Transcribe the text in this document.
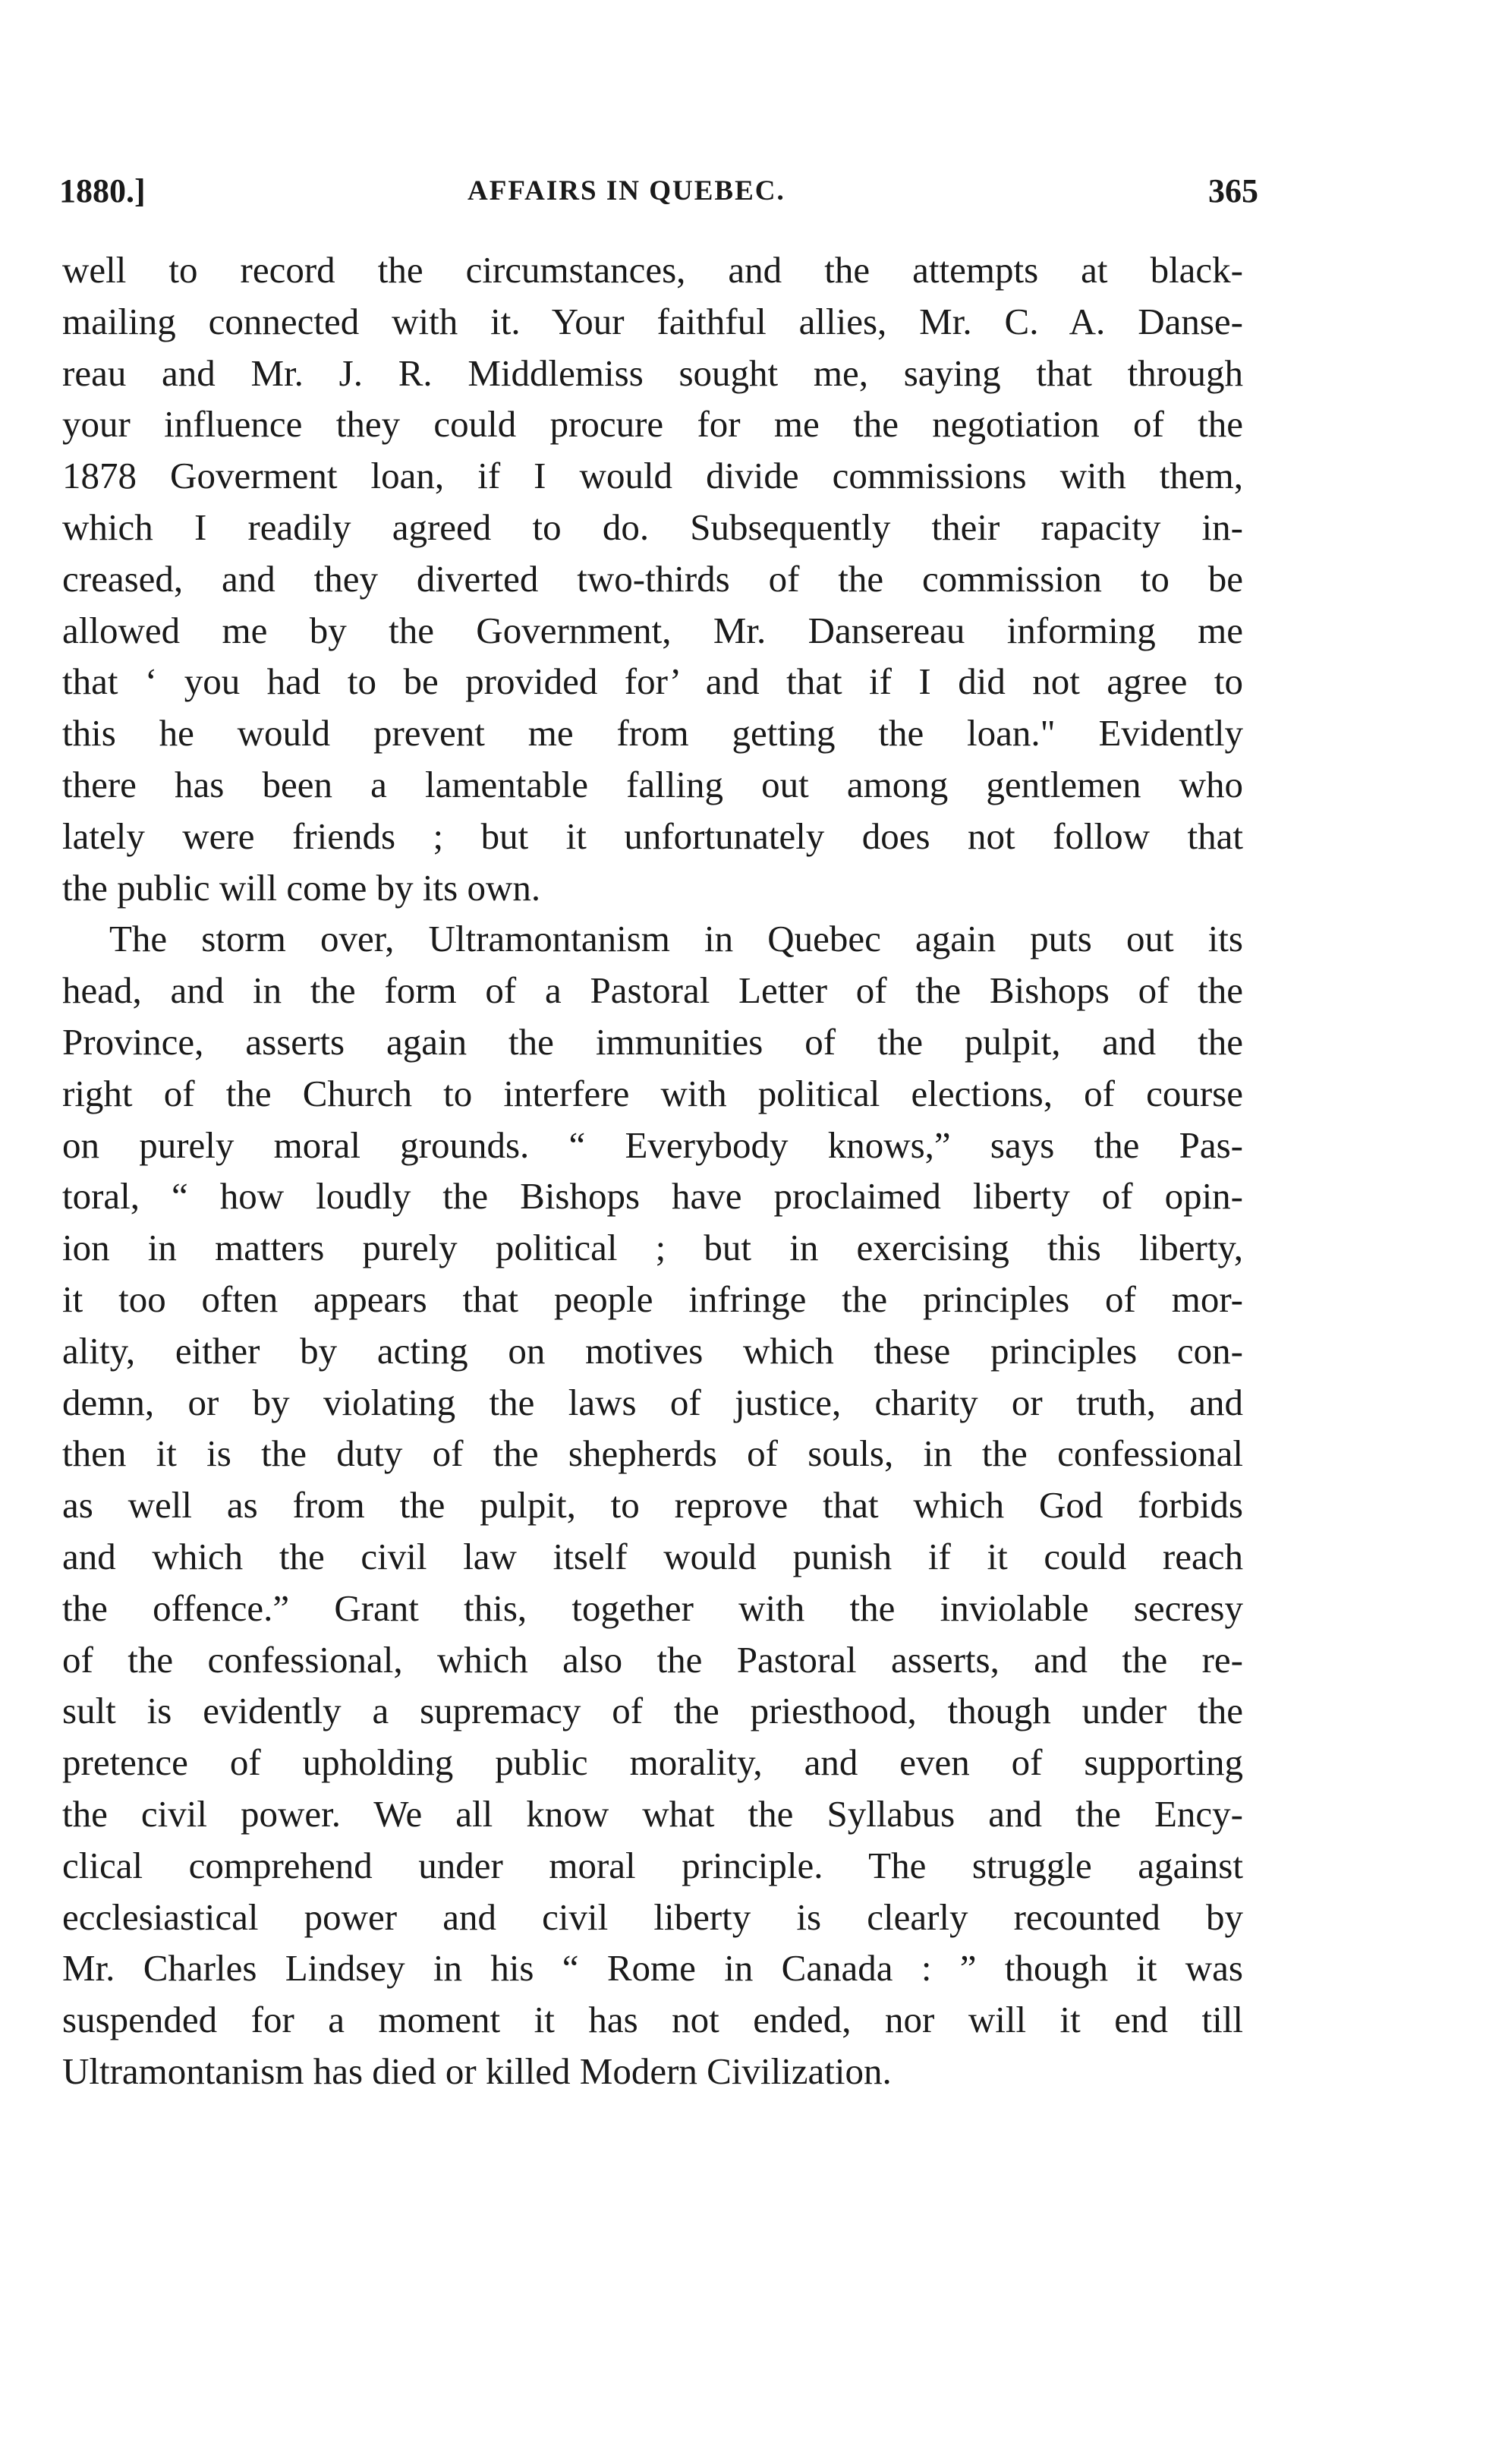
1880.]	AFFAIRS IN QUEBEC.	365
well to record the circumstances, and the attempts at black-
mailing connected with it. Your faithful allies, Mr. C. A. Danse-
reau and Mr. J. R. Middlemiss sought me, saying that through
your influence they could procure for me the negotiation of the
1878 Goverment loan, if I would divide commissions with them,
which I readily agreed to do. Subsequently their rapacity in-
creased, and they diverted two-thirds of the commission to be
allowed me by the Government, Mr. Dansereau informing me
that ‘ you had to be provided for’ and that if I did not agree to
this he would prevent me from getting the loan." Evidently
there has been a lamentable falling out among gentlemen who
lately were friends ; but it unfortunately does not follow that
the public will come by its own.
The storm over, Ultramontanism in Quebec again puts out its
head, and in the form of a Pastoral Letter of the Bishops of the
Province, asserts again the immunities of the pulpit, and the
right of the Church to interfere with political elections, of course
on purely moral grounds. “ Everybody knows,” says the Pas-
toral, “ how loudly the Bishops have proclaimed liberty of opin-
ion in matters purely political ; but in exercising this liberty,
it too often appears that people infringe the principles of mor-
ality, either by acting on motives which these principles con-
demn, or by violating the laws of justice, charity or truth, and
then it is the duty of the shepherds of souls, in the confessional
as well as from the pulpit, to reprove that which God forbids
and which the civil law itself would punish if it could reach
the offence.” Grant this, together with the inviolable secresy
of the confessional, which also the Pastoral asserts, and the re-
sult is evidently a supremacy of the priesthood, though under the
pretence of upholding public morality, and even of supporting
the civil power. We all know what the Syllabus and the Ency-
clical comprehend under moral principle. The struggle against
ecclesiastical power and civil liberty is clearly recounted by
Mr. Charles Lindsey in his “ Rome in Canada : ” though it was
suspended for a moment it has not ended, nor will it end till
Ultramontanism has died or killed Modern Civilization.
